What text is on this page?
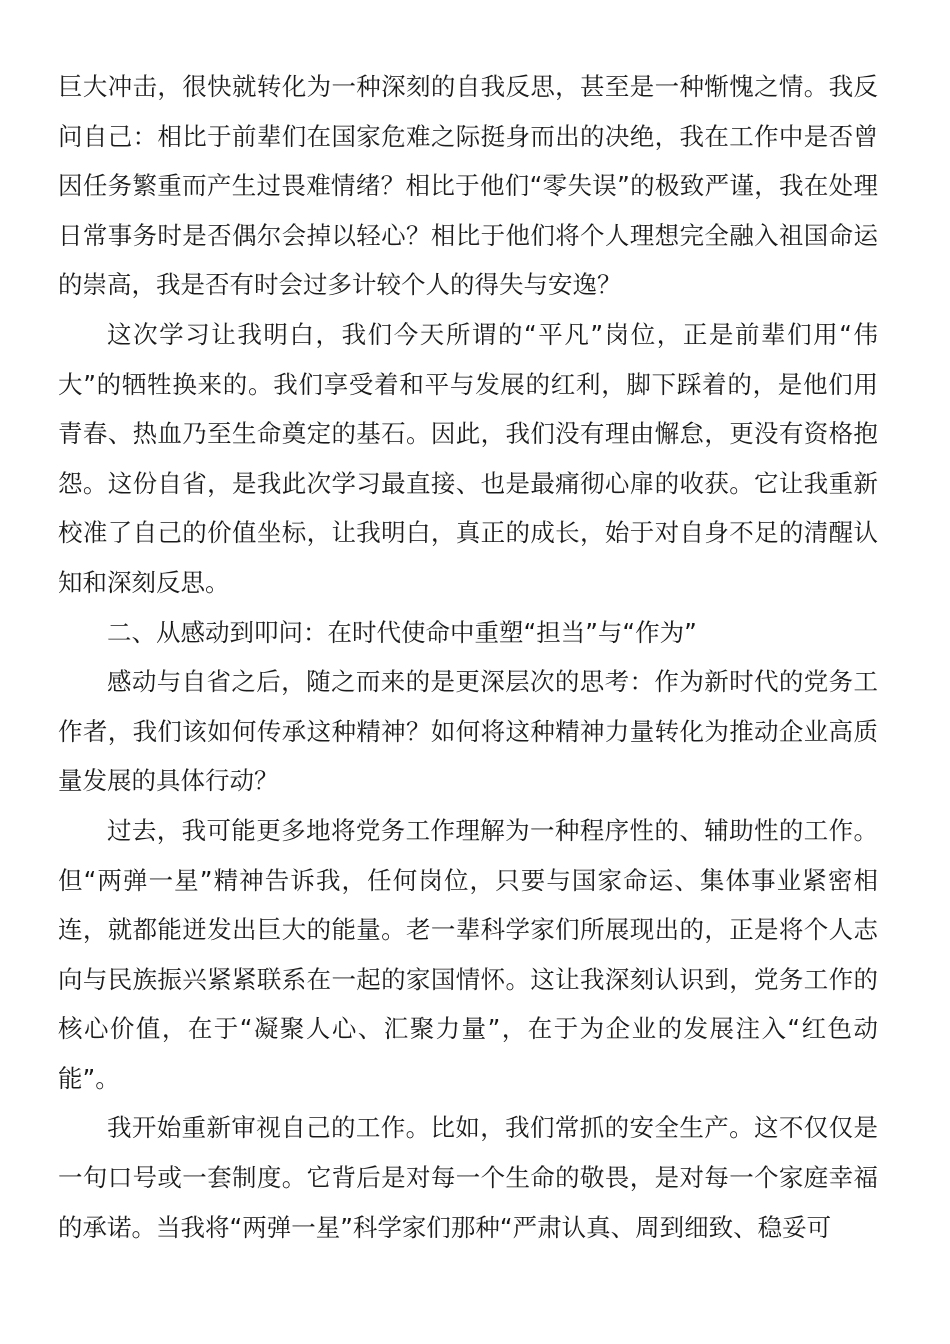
巨大冲击，很快就转化为一种深刻的自我反思，甚至是一种惭愧之情。我反问自己：相比于前辈们在国家危难之际挺身而出的决绝，我在工作中是否曾因任务繁重而产生过畏难情绪？相比于他们“零失误”的极致严谨，我在处理日常事务时是否偶尔会掉以轻心？相比于他们将个人理想完全融入祖国命运的崇高，我是否有时会过多计较个人的得失与安逸？

这次学习让我明白，我们今天所谓的“平凡”岗位，正是前辈们用“伟大”的牺牲换来的。我们享受着和平与发展的红利，脚下踩着的，是他们用青春、热血乃至生命奠定的基石。因此，我们没有理由懈怠，更没有资格抱怨。这份自省，是我此次学习最直接、也是最痛彻心扉的收获。它让我重新校准了自己的价值坐标，让我明白，真正的成长，始于对自身不足的清醒认知和深刻反思。

二、从感动到叩问：在时代使命中重塑“担当”与“作为”

感动与自省之后，随之而来的是更深层次的思考：作为新时代的党务工作者，我们该如何传承这种精神？如何将这种精神力量转化为推动企业高质量发展的具体行动？

过去，我可能更多地将党务工作理解为一种程序性的、辅助性的工作。但“两弹一星”精神告诉我，任何岗位，只要与国家命运、集体事业紧密相连，就都能迸发出巨大的能量。老一辈科学家们所展现出的，正是将个人志向与民族振兴紧紧联系在一起的家国情怀。这让我深刻认识到，党务工作的核心价值，在于“凝聚人心、汇聚力量”，在于为企业的发展注入“红色动能”。

我开始重新审视自己的工作。比如，我们常抓的安全生产。这不仅仅是一句口号或一套制度。它背后是对每一个生命的敬畏，是对每一个家庭幸福的承诺。当我将“两弹一星”科学家们那种“严肃认真、周到细致、稳妥可
